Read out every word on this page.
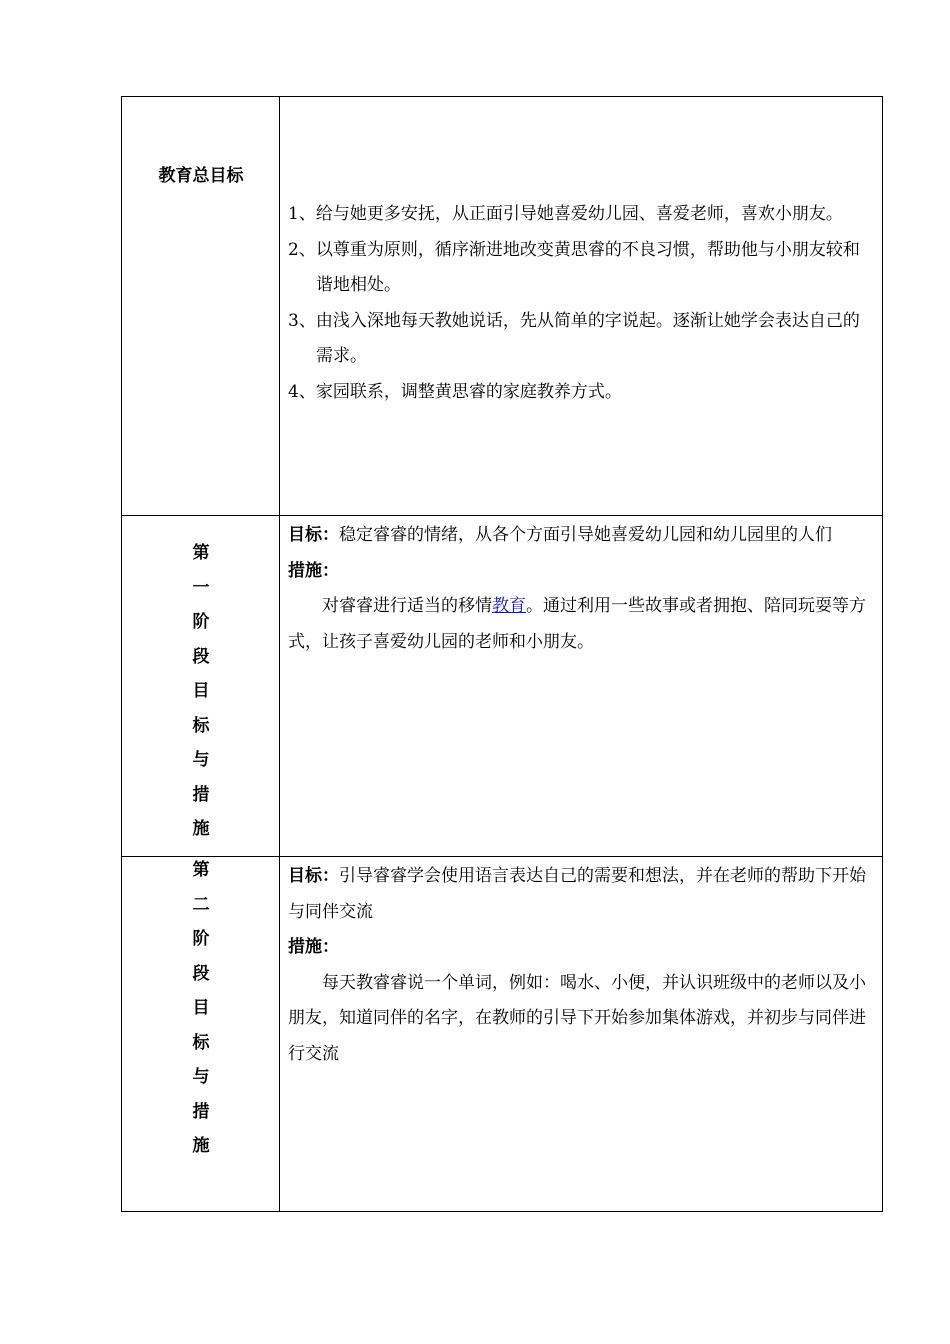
教育总目标

1、给与她更多安抚，从正面引导她喜爱幼儿园、喜爱老师，喜欢小朋友。

2、以尊重为原则，循序渐进地改变黄思睿的不良习惯，帮助他与小朋友较和谐地相处。

3、由浅入深地每天教她说话，先从简单的字说起。逐渐让她学会表达自己的需求。

4、家园联系，调整黄思睿的家庭教养方式。

第
一
阶
段
目
标
与
措
施

目标：稳定睿睿的情绪，从各个方面引导她喜爱幼儿园和幼儿园里的人们

措施：

对睿睿进行适当的移情教育。通过利用一些故事或者拥抱、陪同玩耍等方式，让孩子喜爱幼儿园的老师和小朋友。

第
二
阶
段
目
标
与
措
施

目标：引导睿睿学会使用语言表达自己的需要和想法，并在老师的帮助下开始与同伴交流

措施：

每天教睿睿说一个单词，例如：喝水、小便，并认识班级中的老师以及小朋友，知道同伴的名字，在教师的引导下开始参加集体游戏，并初步与同伴进行交流
